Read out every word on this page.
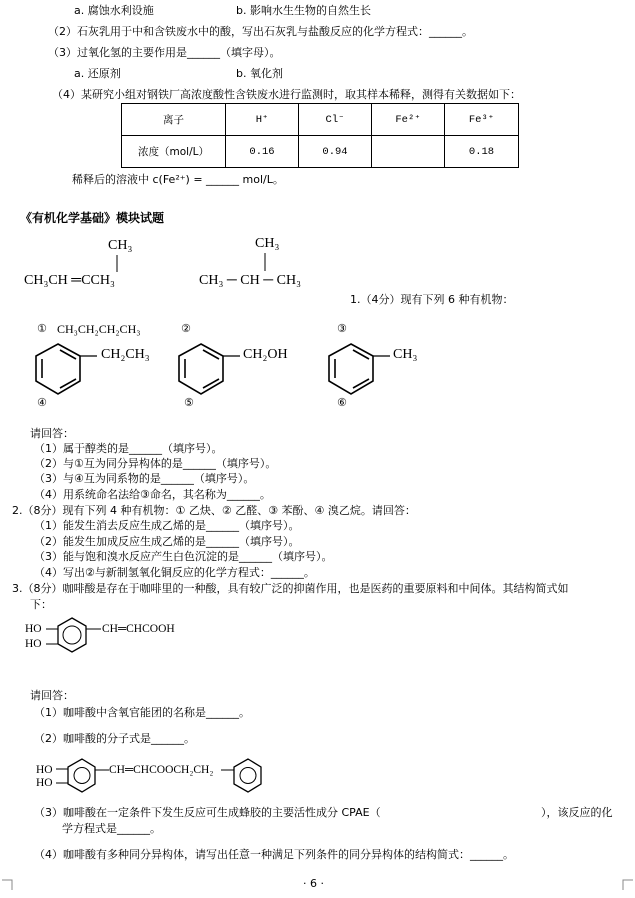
a. 腐蚀水利设施	b. 影响水生生物的自然生长
（2）石灰乳用于中和含铁废水中的酸，写出石灰乳与盐酸反应的化学方程式：______。
（3）过氧化氢的主要作用是______（填字母）。
a. 还原剂	b. 氧化剂
（4）某研究小组对钢铁厂高浓度酸性含铁废水进行监测时，取其样本稀释，测得有关数据如下：
离子	H⁺	Cl⁻	Fe²⁺	Fe³⁺
浓度（mol/L）	0.16	0.94		0.18
稀释后的溶液中 c(Fe²⁺) = ______ mol/L。
《有机化学基础》模块试题
CH₃
CH₃CH ═CCH₃
CH₃
CH₃ ─ CH ─ CH₃
1.（4分）现有下列 6 种有机物：
① CH₃CH₂CH₂CH₃	②	③
CH₂CH₃	CH₂OH	CH₃
④	⑤	⑥
请回答：
（1）属于醇类的是______（填序号）。
（2）与①互为同分异构体的是______（填序号）。
（3）与④互为同系物的是______（填序号）。
（4）用系统命名法给③命名，其名称为______。
2.（8分）现有下列 4 种有机物：① 乙炔、② 乙醛、③ 苯酚、④ 溴乙烷。请回答：
（1）能发生消去反应生成乙烯的是______（填序号）。
（2）能发生加成反应生成乙烯的是______（填序号）。
（3）能与饱和溴水反应产生白色沉淀的是______（填序号）。
（4）写出②与新制氢氧化铜反应的化学方程式：______。
3.（8分）咖啡酸是存在于咖啡里的一种酸，具有较广泛的抑菌作用，也是医药的重要原料和中间体。其结构简式如
下：
HO
HO
CH═CHCOOH
请回答：
（1）咖啡酸中含氧官能团的名称是______。
（2）咖啡酸的分子式是______。
HO
HO
CH═CHCOOCH₂CH₂
（3）咖啡酸在一定条件下发生反应可生成蜂胶的主要活性成分 CPAE（	），该反应的化
学方程式是______。
（4）咖啡酸有多种同分异构体，请写出任意一种满足下列条件的同分异构体的结构简式：______。
· 6 ·
